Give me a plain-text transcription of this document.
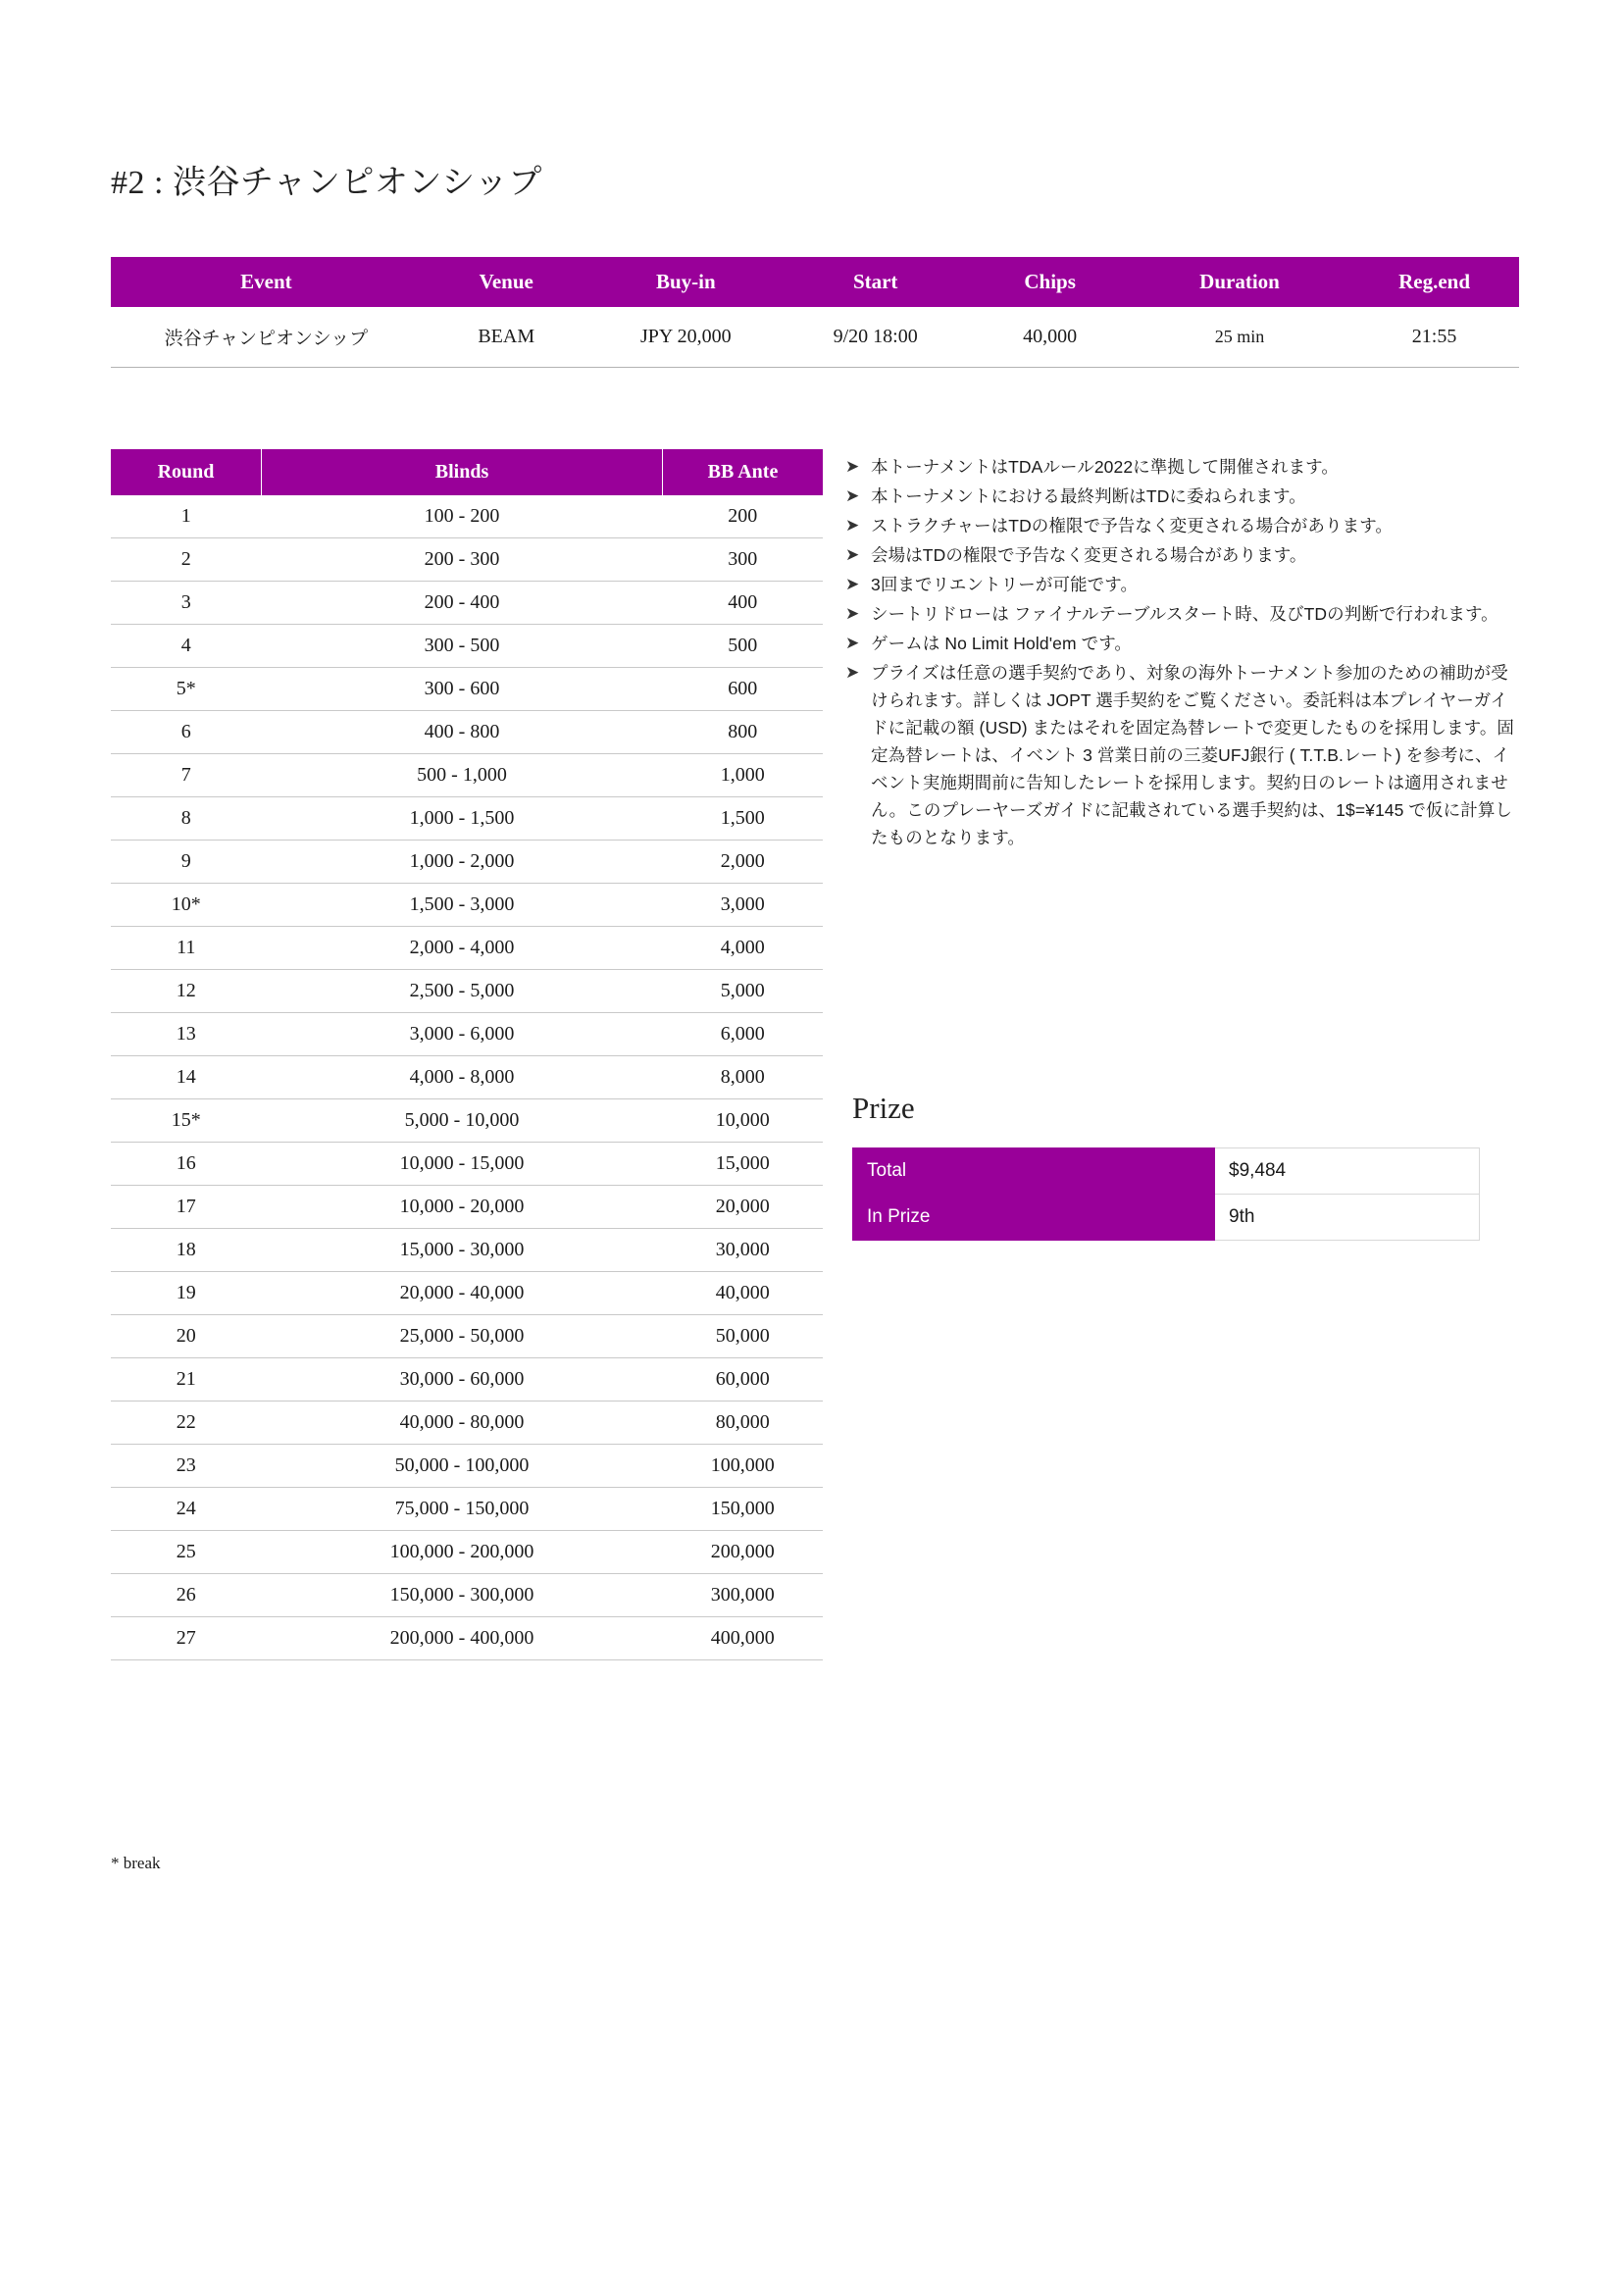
#2 : 渋谷チャンピオンシップ
Event	Venue	Buy-in	Start	Chips	Duration	Reg.end
渋谷チャンピオンシップ	BEAM	JPY 20,000	9/20 18:00	40,000	25 min	21:55
Round	Blinds	BB Ante
1	100 - 200	200
2	200 - 300	300
3	200 - 400	400
4	300 - 500	500
5*	300 - 600	600
6	400 - 800	800
7	500 - 1,000	1,000
8	1,000 - 1,500	1,500
9	1,000 - 2,000	2,000
10*	1,500 - 3,000	3,000
11	2,000 - 4,000	4,000
12	2,500 - 5,000	5,000
13	3,000 - 6,000	6,000
14	4,000 - 8,000	8,000
15*	5,000 - 10,000	10,000
16	10,000 - 15,000	15,000
17	10,000 - 20,000	20,000
18	15,000 - 30,000	30,000
19	20,000 - 40,000	40,000
20	25,000 - 50,000	50,000
21	30,000 - 60,000	60,000
22	40,000 - 80,000	80,000
23	50,000 - 100,000	100,000
24	75,000 - 150,000	150,000
25	100,000 - 200,000	200,000
26	150,000 - 300,000	300,000
27	200,000 - 400,000	400,000
* break
➤ 本トーナメントはTDAルール2022に準拠して開催されます。
➤ 本トーナメントにおける最終判断はTDに委ねられます。
➤ ストラクチャーはTDの権限で予告なく変更される場合があります。
➤ 会場はTDの権限で予告なく変更される場合があります。
➤ 3回までリエントリーが可能です。
➤ シートリドローは ファイナルテーブルスタート時、及びTDの判断で行われます。
➤ ゲームは No Limit Hold'em です。
➤ プライズは任意の選手契約であり、対象の海外トーナメント参加のための補助が受けられます。詳しくは JOPT 選手契約をご覧ください。委託料は本プレイヤーガイドに記載の額 (USD) またはそれを固定為替レートで変更したものを採用します。固定為替レートは、イベント 3 営業日前の三菱UFJ銀行 ( T.T.B.レート) を参考に、イベント実施期間前に告知したレートを採用します。契約日のレートは適用されません。このプレーヤーズガイドに記載されている選手契約は、1$=¥145 で仮に計算したものとなります。
Prize
Total	$9,484
In Prize	9th
